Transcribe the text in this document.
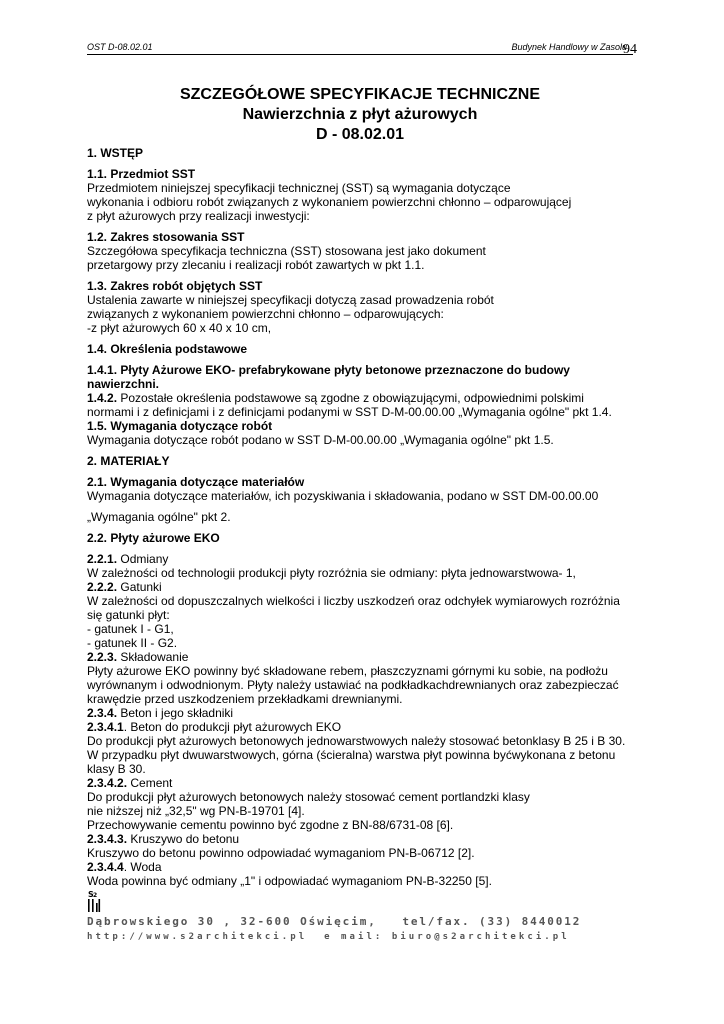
OST D-08.02.01	Budynek Handlowy w Zasolu
94
SZCZEGÓŁOWE SPECYFIKACJE TECHNICZNE
Nawierzchnia z płyt ażurowych
D - 08.02.01

1. WSTĘP

1.1. Przedmiot SST

Przedmiotem niniejszej specyfikacji technicznej (SST) są wymagania dotyczące

wykonania i odbioru robót związanych z wykonaniem powierzchni chłonno – odparowującej

z płyt ażurowych przy realizacji inwestycji:

1.2. Zakres stosowania SST

Szczegółowa specyfikacja techniczna (SST) stosowana jest jako dokument

przetargowy przy zlecaniu i realizacji robót zawartych w pkt 1.1.

1.3. Zakres robót objętych SST

Ustalenia zawarte w niniejszej specyfikacji dotyczą zasad prowadzenia robót

związanych z wykonaniem powierzchni chłonno – odparowujących:

-z płyt ażurowych 60 x 40 x 10 cm,

1.4. Określenia podstawowe

1.4.1. Płyty Ażurowe EKO- prefabrykowane płyty betonowe przeznaczone do budowy

nawierzchni.

1.4.2. Pozostałe określenia podstawowe są zgodne z obowiązującymi, odpowiednimi polskimi

normami i z definicjami i z definicjami podanymi w SST D-M-00.00.00 „Wymagania ogólne" pkt 1.4.

1.5. Wymagania dotyczące robót

Wymagania dotyczące robót podano w SST D-M-00.00.00 „Wymagania ogólne" pkt 1.5.

2. MATERIAŁY

2.1. Wymagania dotyczące materiałów

Wymagania dotyczące materiałów, ich pozyskiwania i składowania, podano w SST DM-00.00.00

„Wymagania ogólne" pkt 2.

2.2. Płyty ażurowe EKO

2.2.1. Odmiany

W zależności od technologii produkcji płyty rozróżnia sie odmiany: płyta jednowarstwowa- 1,

2.2.2. Gatunki

W zależności od dopuszczalnych wielkości i liczby uszkodzeń oraz odchyłek wymiarowych rozróżnia

się gatunki płyt:

- gatunek I - G1,

- gatunek II - G2.

2.2.3. Składowanie

Płyty ażurowe EKO powinny być składowane rebem, płaszczyznami górnymi ku sobie, na podłożu

wyrównanym i odwodnionym. Płyty należy ustawiać na podkładkachdrewnianych oraz zabezpieczać

krawędzie przed uszkodzeniem przekładkami drewnianymi.

2.3.4. Beton i jego składniki

2.3.4.1. Beton do produkcji płyt ażurowych EKO

Do produkcji płyt ażurowych betonowych jednowarstwowych należy stosować betonklasy B 25 i B 30.

W przypadku płyt dwuwarstwowych, górna (ścieralna) warstwa płyt powinna byćwykonana z betonu

klasy B 30.

2.3.4.2. Cement

Do produkcji płyt ażurowych betonowych należy stosować cement portlandzki klasy

nie niższej niż „32,5" wg PN-B-19701 [4].

Przechowywanie cementu powinno być zgodne z BN-88/6731-08 [6].

2.3.4.3. Kruszywo do betonu

Kruszywo do betonu powinno odpowiadać wymaganiom PN-B-06712 [2].

2.3.4.4. Woda

Woda powinna być odmiany „1" i odpowiadać wymaganiom PN-B-32250 [5].

S 2
Dąbrowskiego 30 , 32-600 Oświęcim,   tel/fax. (33) 8440012
http://www.s2architekci.pl  e mail: biuro@s2architekci.pl
